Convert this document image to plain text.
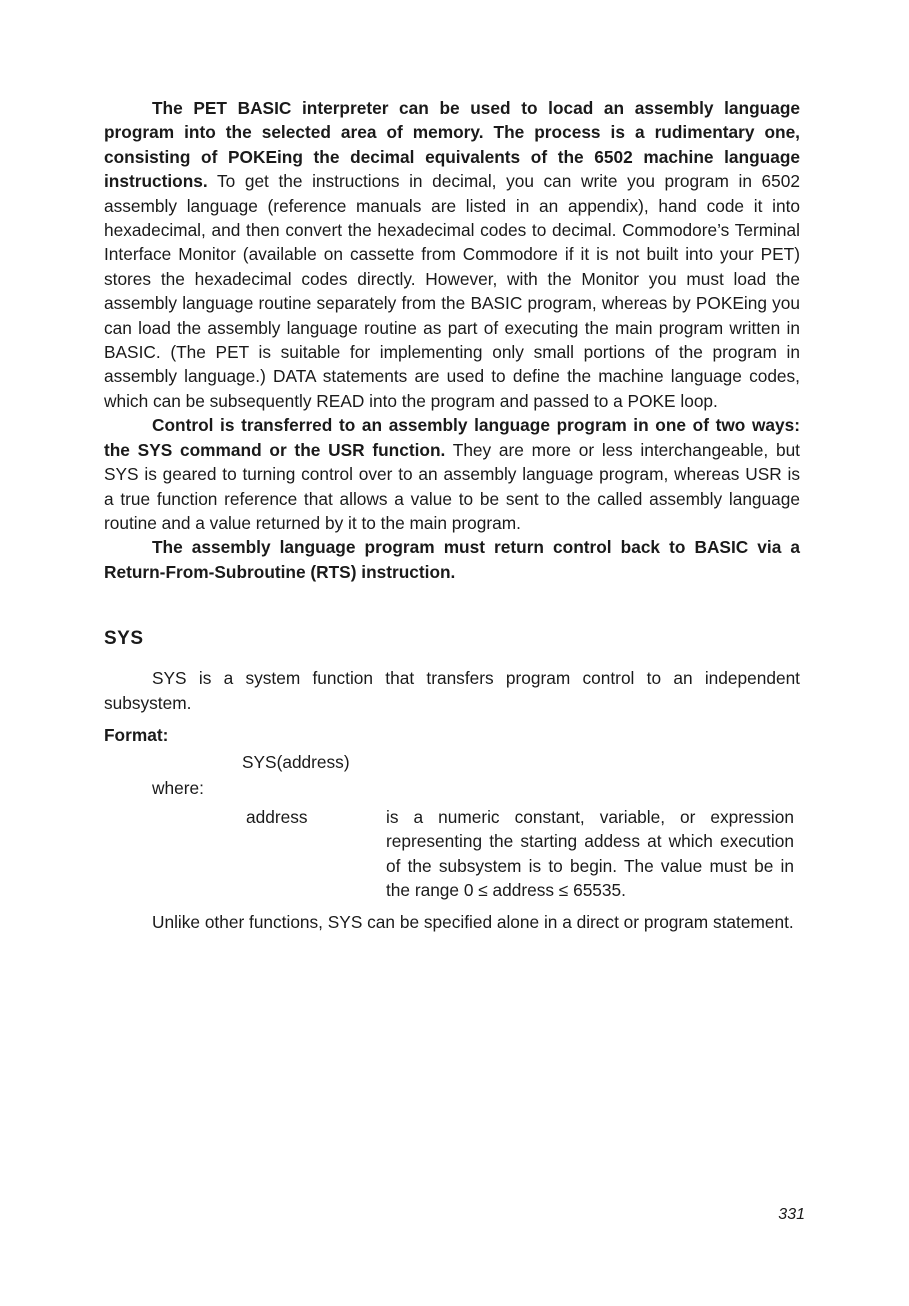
The PET BASIC interpreter can be used to locad an assembly language program into the selected area of memory. The process is a rudimentary one, consisting of POKEing the decimal equivalents of the 6502 machine language instructions. To get the instructions in decimal, you can write you program in 6502 assembly language (reference manuals are listed in an appendix), hand code it into hexadecimal, and then convert the hexadecimal codes to decimal. Commodore’s Terminal Interface Monitor (available on cassette from Commodore if it is not built into your PET) stores the hexadecimal codes directly. However, with the Monitor you must load the assembly language routine separately from the BASIC program, whereas by POKEing you can load the assembly language routine as part of executing the main program written in BASIC. (The PET is suitable for implementing only small portions of the program in assembly language.) DATA statements are used to define the machine language codes, which can be subsequently READ into the program and passed to a POKE loop.

Control is transferred to an assembly language program in one of two ways: the SYS command or the USR function. They are more or less interchangeable, but SYS is geared to turning control over to an assembly language program, whereas USR is a true function reference that allows a value to be sent to the called assembly language routine and a value returned by it to the main program.

The assembly language program must return control back to BASIC via a Return-From-Subroutine (RTS) instruction.

SYS

SYS is a system function that transfers program control to an independent subsystem.

Format:
SYS(address)
where:
address	is a numeric constant, variable, or expression representing the starting addess at which execution of the subsystem is to begin. The value must be in the range 0 ≤ address ≤ 65535.

Unlike other functions, SYS can be specified alone in a direct or program statement.

331
